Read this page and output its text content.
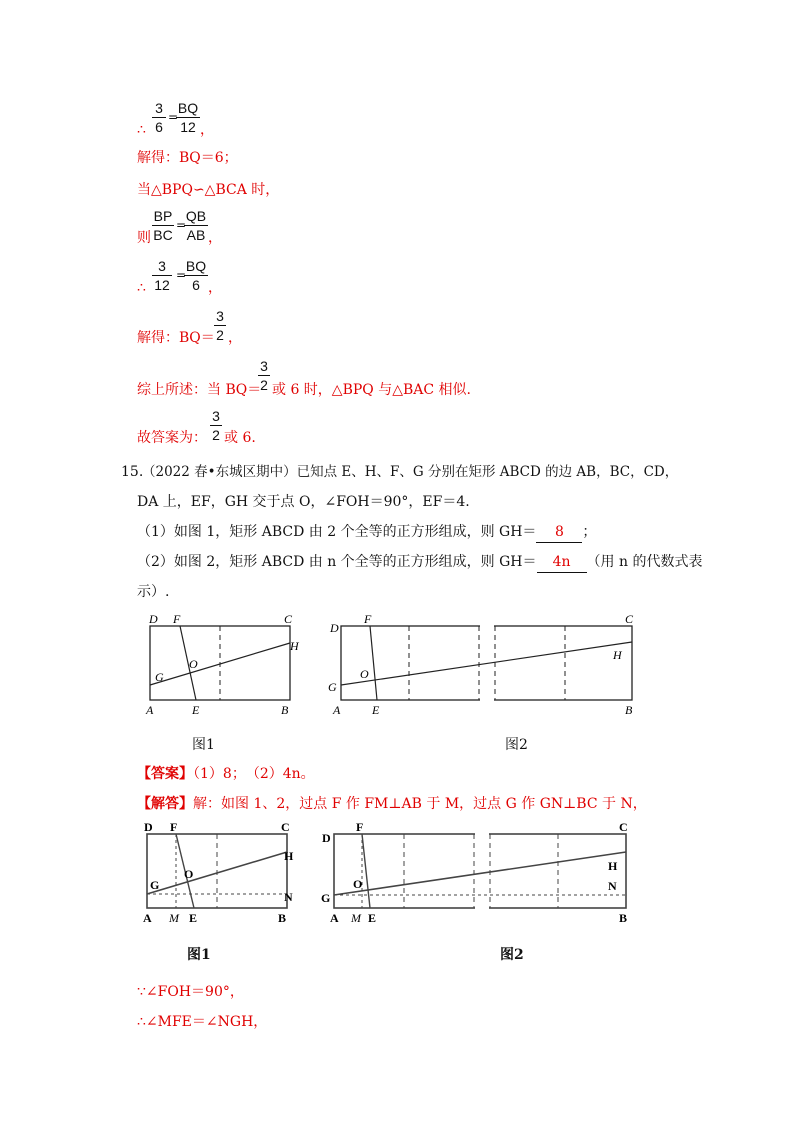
3
6
∴
=
BQ
12 ，
解得：BQ＝6；
当△BPQ∽△BCA 时，
则
BP
BC
=
QB
AB ，
∴
3
12
=
BQ
6 ，
解得：BQ＝
3
2 ，
综上所述：当 BQ＝
3
2 或 6 时，△BPQ 与△BAC 相似.
故答案为：
3
2 或 6.
15.
（2022 春•东城区期中）已知点 E、H、F、G 分别在矩形 ABCD 的边 AB，BC，CD，
DA 上，EF，GH 交于点 O，∠FOH＝90°，EF＝4.
（1）如图 1，矩形 ABCD 由 2 个全等的正方形组成，则 GH＝ 8 ；
（2）如图 2，矩形 ABCD 由 n 个全等的正方形组成，则 GH＝ 4n （用 n 的代数式表
示）.
D F	C
H
O
G
A	E	B
图1
D
F	C
H
O
G
A	E	B
图2
【答案】（1）8；　（2）4n。
【解答】解：如图 1、2，过点 F 作 FM⊥AB 于 M，过点 G 作 GN⊥BC 于 N，
D F	C
H
O
G
N
A M E	B
图1
D
F	C
H
O
G
N
A M E	B
图2
∵∠FOH＝90°，
∴∠MFE＝∠NGH，
